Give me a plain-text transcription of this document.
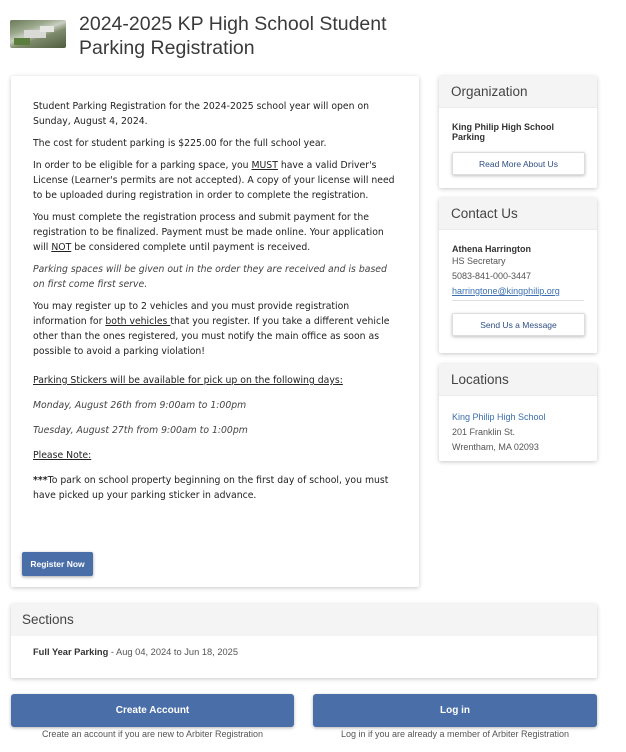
2024-2025 KP High School Student Parking Registration

Student Parking Registration for the 2024-2025 school year will open on Sunday, August 4, 2024.

The cost for student parking is $225.00 for the full school year.

In order to be eligible for a parking space, you MUST have a valid Driver's License (Learner's permits are not accepted). A copy of your license will need to be uploaded during registration in order to complete the registration.

You must complete the registration process and submit payment for the registration to be finalized. Payment must be made online. Your application will NOT be considered complete until payment is received.

Parking spaces will be given out in the order they are received and is based on first come first serve.

You may register up to 2 vehicles and you must provide registration information for both vehicles that you register. If you take a different vehicle other than the ones registered, you must notify the main office as soon as possible to avoid a parking violation!

Parking Stickers will be available for pick up on the following days:

Monday, August 26th from 9:00am to 1:00pm

Tuesday, August 27th from 9:00am to 1:00pm

Please Note:

***To park on school property beginning on the first day of school, you must have picked up your parking sticker in advance.

Register Now
Organization
King Philip High School Parking
Read More About Us
Contact Us
Athena Harrington
HS Secretary
5083-841-000-3447
harringtone@kingphilip.org
Send Us a Message
Locations
King Philip High School
201 Franklin St.
Wrentham, MA 02093
Sections
Full Year Parking - Aug 04, 2024 to Jun 18, 2025
Create Account	Log in
Create an account if you are new to Arbiter Registration	Log in if you are already a member of Arbiter Registration
